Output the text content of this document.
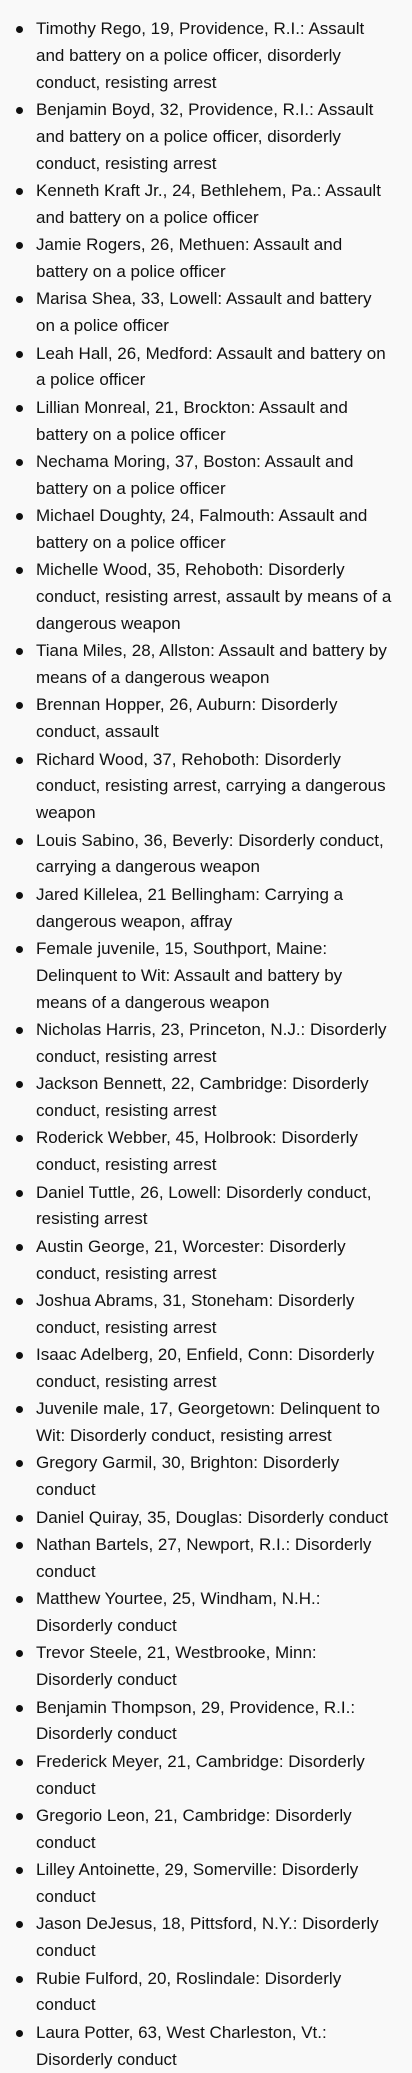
Timothy Rego, 19, Providence, R.I.: Assault and battery on a police officer, disorderly conduct, resisting arrest
Benjamin Boyd, 32, Providence, R.I.: Assault and battery on a police officer, disorderly conduct, resisting arrest
Kenneth Kraft Jr., 24, Bethlehem, Pa.: Assault and battery on a police officer
Jamie Rogers, 26, Methuen: Assault and battery on a police officer
Marisa Shea, 33, Lowell: Assault and battery on a police officer
Leah Hall, 26, Medford: Assault and battery on a police officer
Lillian Monreal, 21, Brockton: Assault and battery on a police officer
Nechama Moring, 37, Boston: Assault and battery on a police officer
Michael Doughty, 24, Falmouth: Assault and battery on a police officer
Michelle Wood, 35, Rehoboth: Disorderly conduct, resisting arrest, assault by means of a dangerous weapon
Tiana Miles, 28, Allston: Assault and battery by means of a dangerous weapon
Brennan Hopper, 26, Auburn: Disorderly conduct, assault
Richard Wood, 37, Rehoboth: Disorderly conduct, resisting arrest, carrying a dangerous weapon
Louis Sabino, 36, Beverly: Disorderly conduct, carrying a dangerous weapon
Jared Killelea, 21 Bellingham: Carrying a dangerous weapon, affray
Female juvenile, 15, Southport, Maine: Delinquent to Wit: Assault and battery by means of a dangerous weapon
Nicholas Harris, 23, Princeton, N.J.: Disorderly conduct, resisting arrest
Jackson Bennett, 22, Cambridge: Disorderly conduct, resisting arrest
Roderick Webber, 45, Holbrook: Disorderly conduct, resisting arrest
Daniel Tuttle, 26, Lowell: Disorderly conduct, resisting arrest
Austin George, 21, Worcester: Disorderly conduct, resisting arrest
Joshua Abrams, 31, Stoneham: Disorderly conduct, resisting arrest
Isaac Adelberg, 20, Enfield, Conn: Disorderly conduct, resisting arrest
Juvenile male, 17, Georgetown: Delinquent to Wit: Disorderly conduct, resisting arrest
Gregory Garmil, 30, Brighton: Disorderly conduct
Daniel Quiray, 35, Douglas: Disorderly conduct
Nathan Bartels, 27, Newport, R.I.: Disorderly conduct
Matthew Yourtee, 25, Windham, N.H.: Disorderly conduct
Trevor Steele, 21, Westbrooke, Minn: Disorderly conduct
Benjamin Thompson, 29, Providence, R.I.: Disorderly conduct
Frederick Meyer, 21, Cambridge: Disorderly conduct
Gregorio Leon, 21, Cambridge: Disorderly conduct
Lilley Antoinette, 29, Somerville: Disorderly conduct
Jason DeJesus, 18, Pittsford, N.Y.: Disorderly conduct
Rubie Fulford, 20, Roslindale: Disorderly conduct
Laura Potter, 63, West Charleston, Vt.: Disorderly conduct
